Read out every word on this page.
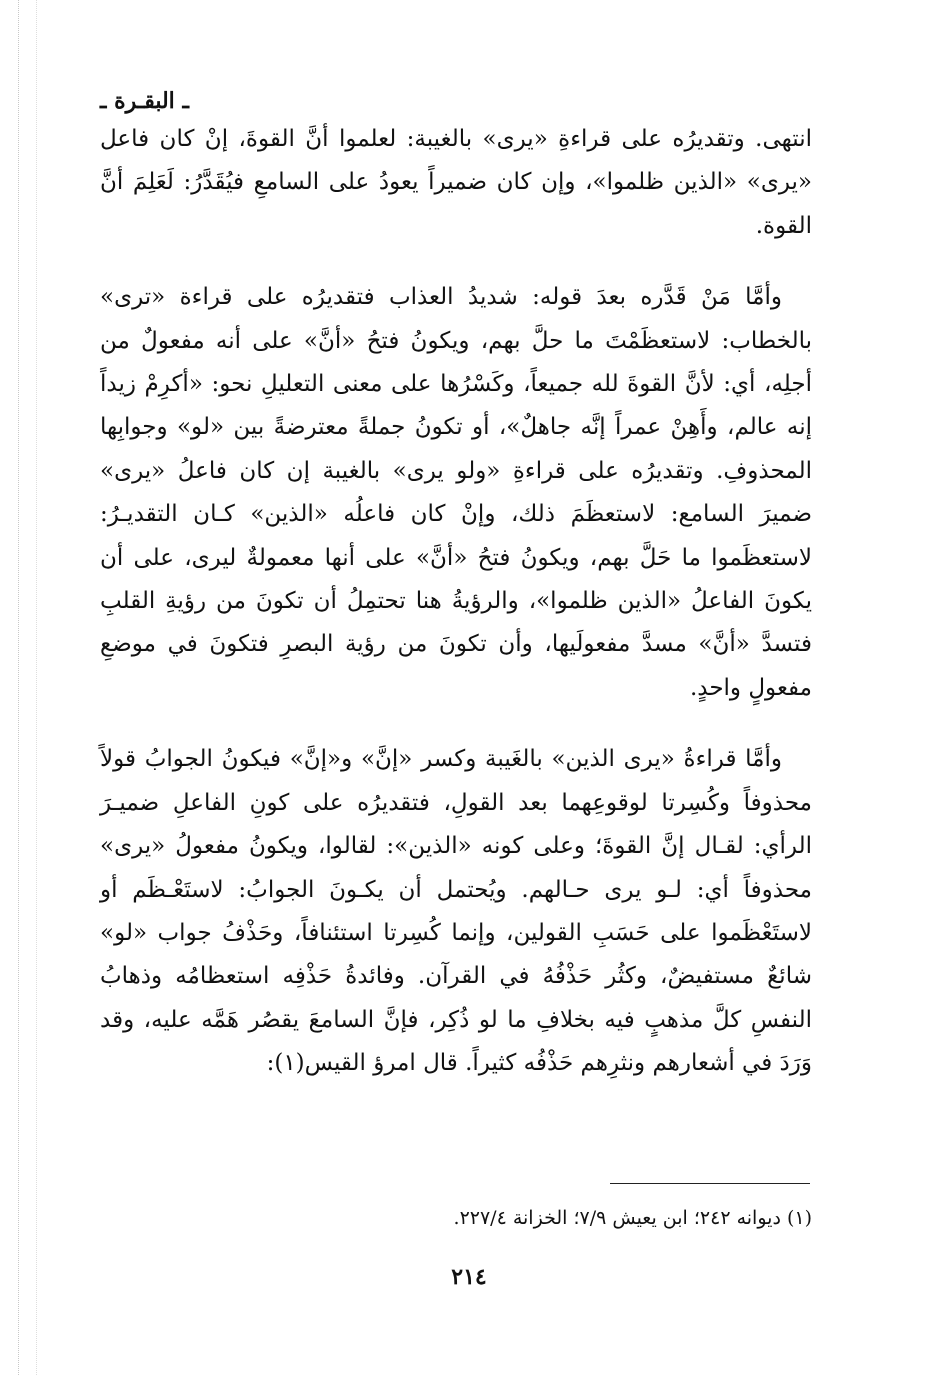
ـ البقـرة ـ

انتهى. وتقديرُه على قراءةِ «يرى» بالغيبة: لعلموا أنَّ القوةَ، إنْ كان فاعل «يرى» «الذين ظلموا»، وإن كان ضميراً يعودُ على السامعِ فيُقَدَّرُ: لَعَلِمَ أنَّ القوة.

وأمَّا مَنْ قَدَّره بعدَ قوله: شديدُ العذاب فتقديرُه على قراءة «ترى» بالخطاب: لاستعظَمْتَ ما حلَّ بهم، ويكونُ فتحُ «أنَّ» على أنه مفعولٌ من أجلِه، أي: لأنَّ القوةَ لله جميعاً، وكَسْرُها على معنى التعليلِ نحو: «أكرِمْ زيداً إنه عالم، وأَهِنْ عمراً إنَّه جاهلٌ»، أو تكونُ جملةً معترضةً بين «لو» وجوابِها المحذوفِ. وتقديرُه على قراءةِ «ولو يرى» بالغيبة إن كان فاعلُ «يرى» ضميرَ السامع: لاستعظَمَ ذلك، وإنْ كان فاعلُه «الذين» كـان التقديـرُ: لاستعظَموا ما حَلَّ بهم، ويكونُ فتحُ «أنَّ» على أنها معمولةٌ ليرى، على أن يكونَ الفاعلُ «الذين ظلموا»، والرؤيةُ هنا تحتمِلُ أن تكونَ من رؤيةِ القلبِ فتسدَّ «أنَّ» مسدَّ مفعولَيها، وأن تكونَ من رؤية البصرِ فتكونَ في موضعِ مفعولٍ واحدٍ.

وأمَّا قراءةُ «يرى الذين» بالغَيبة وكسر «إنَّ» و«إنَّ» فيكونُ الجوابُ قولاً محذوفاً وكُسِرتا لوقوعِهما بعد القولِ، فتقديرُه على كونِ الفاعلِ ضميـرَ الرأي: لقـال إنَّ القوةَ؛ وعلى كونه «الذين»: لقالوا، ويكونُ مفعولُ «يرى» محذوفاً أي: لـو يرى حـالهم. ويُحتمل أن يكـونَ الجوابُ: لاستَعْـظَم أو لاستَعْظَموا على حَسَبِ القولين، وإنما كُسِرتا استئنافاً، وحَذْفُ جواب «لو» شائعٌ مستفيضٌ، وكثُر حَذْفُهُ في القرآن. وفائدةُ حَذْفِه استعظامُه وذهابُ النفسِ كلَّ مذهبٍ فيه بخلافِ ما لو ذُكِر، فإنَّ السامعَ يقصُر هَمَّه عليه، وقد وَرَدَ في أشعارهم ونثرِهم حَذْفُه كثيراً. قال امرؤ القيس(١):

(١) ديوانه ٢٤٢؛ ابن يعيش ٧/٩؛ الخزانة ٢٢٧/٤.
٢١٤
